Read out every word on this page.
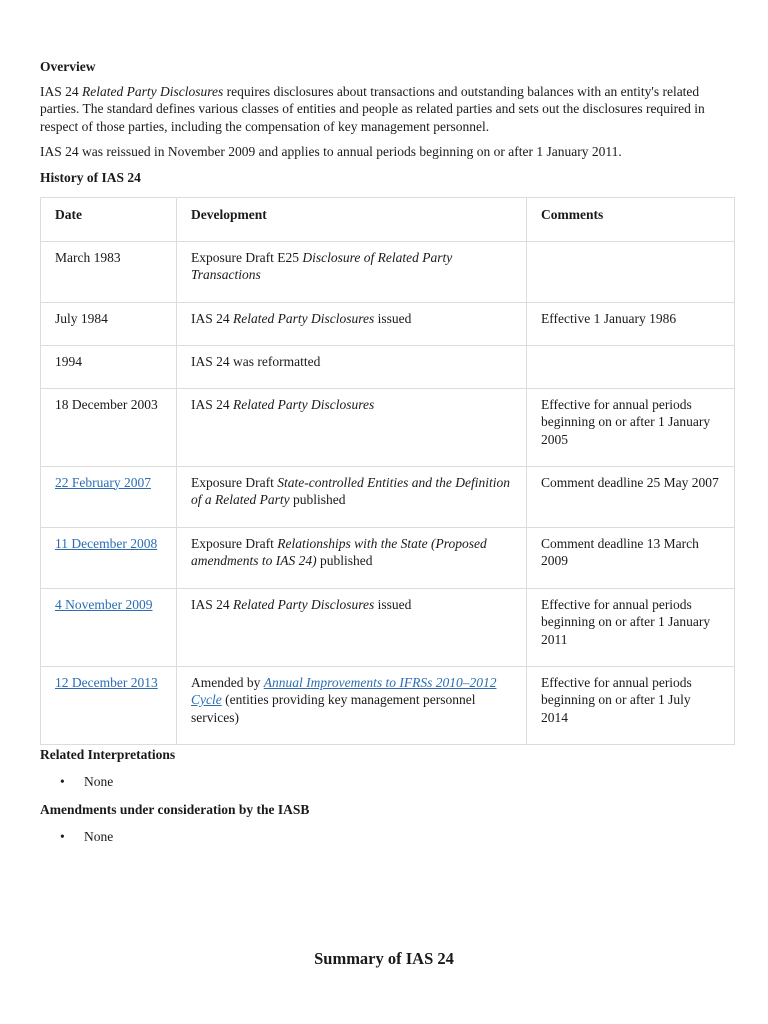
Overview

IAS 24 Related Party Disclosures requires disclosures about transactions and outstanding balances with an entity's related parties. The standard defines various classes of entities and people as related parties and sets out the disclosures required in respect of those parties, including the compensation of key management personnel.

IAS 24 was reissued in November 2009 and applies to annual periods beginning on or after 1 January 2011.

History of IAS 24
Date	Development	Comments
March 1983	Exposure Draft E25 Disclosure of Related Party Transactions	
July 1984	IAS 24 Related Party Disclosures issued	Effective 1 January 1986
1994	IAS 24 was reformatted	
18 December 2003	IAS 24 Related Party Disclosures	Effective for annual periods beginning on or after 1 January 2005
22 February 2007	Exposure Draft State-controlled Entities and the Definition of a Related Party published	Comment deadline 25 May 2007
11 December 2008	Exposure Draft Relationships with the State (Proposed amendments to IAS 24) published	Comment deadline 13 March 2009
4 November 2009	IAS 24 Related Party Disclosures issued	Effective for annual periods beginning on or after 1 January 2011
12 December 2013	Amended by Annual Improvements to IFRSs 2010–2012 Cycle (entities providing key management personnel services)	Effective for annual periods beginning on or after 1 July 2014
Related Interpretations
• None
Amendments under consideration by the IASB
• None
Summary of IAS 24
